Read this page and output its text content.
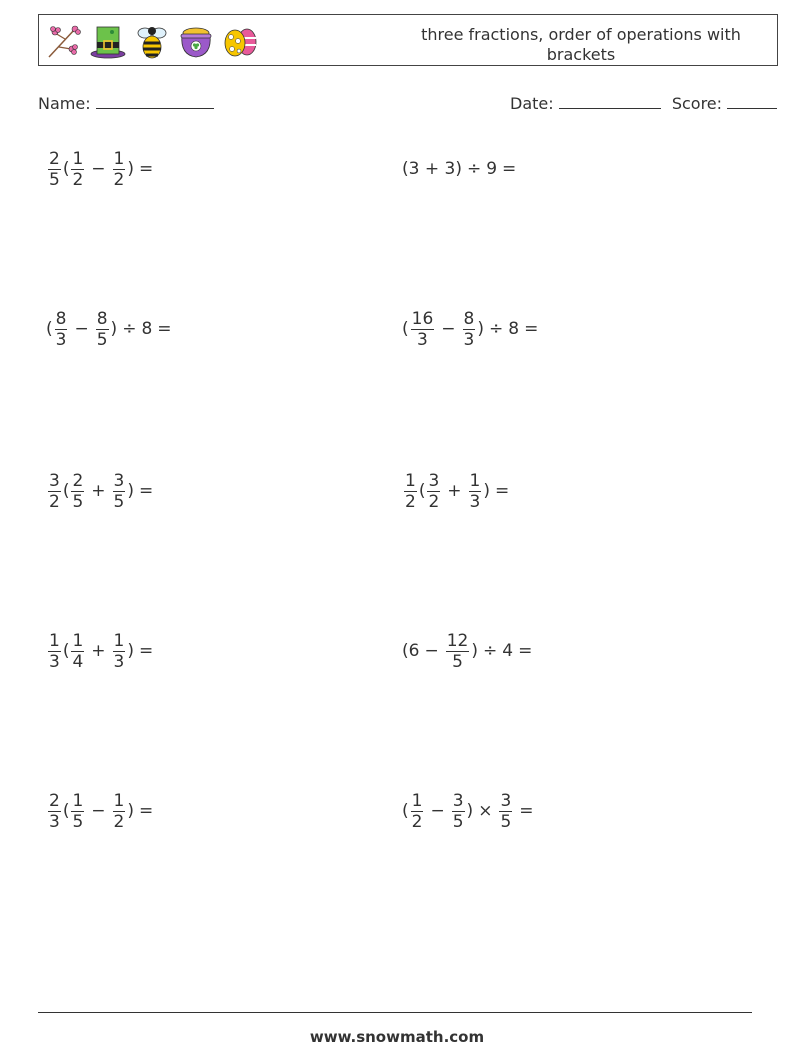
three fractions, order of operations with brackets
Name:	Date:	Score:
$\frac{2}{5}$ ( $\frac{1}{2} - \frac{1}{2}$ ) =	(3 + 3) ÷ 9 =
( $\frac{8}{3} - \frac{8}{5}$ ) ÷ 8 =	( $\frac{16}{3} - \frac{8}{3}$ ) ÷ 8 =
$\frac{3}{2}$ ( $\frac{2}{5} + \frac{3}{5}$ ) =	$\frac{1}{2}$ ( $\frac{3}{2} + \frac{1}{3}$ ) =
$\frac{1}{3}$ ( $\frac{1}{4} + \frac{1}{3}$ ) =	($6 - \frac{12}{5}$ ) ÷ 4 =
$\frac{2}{3}$ ( $\frac{1}{5} - \frac{1}{2}$ ) =	( $\frac{1}{2} - \frac{3}{5}$ ) × $\frac{3}{5}$ =
www.snowmath.com
